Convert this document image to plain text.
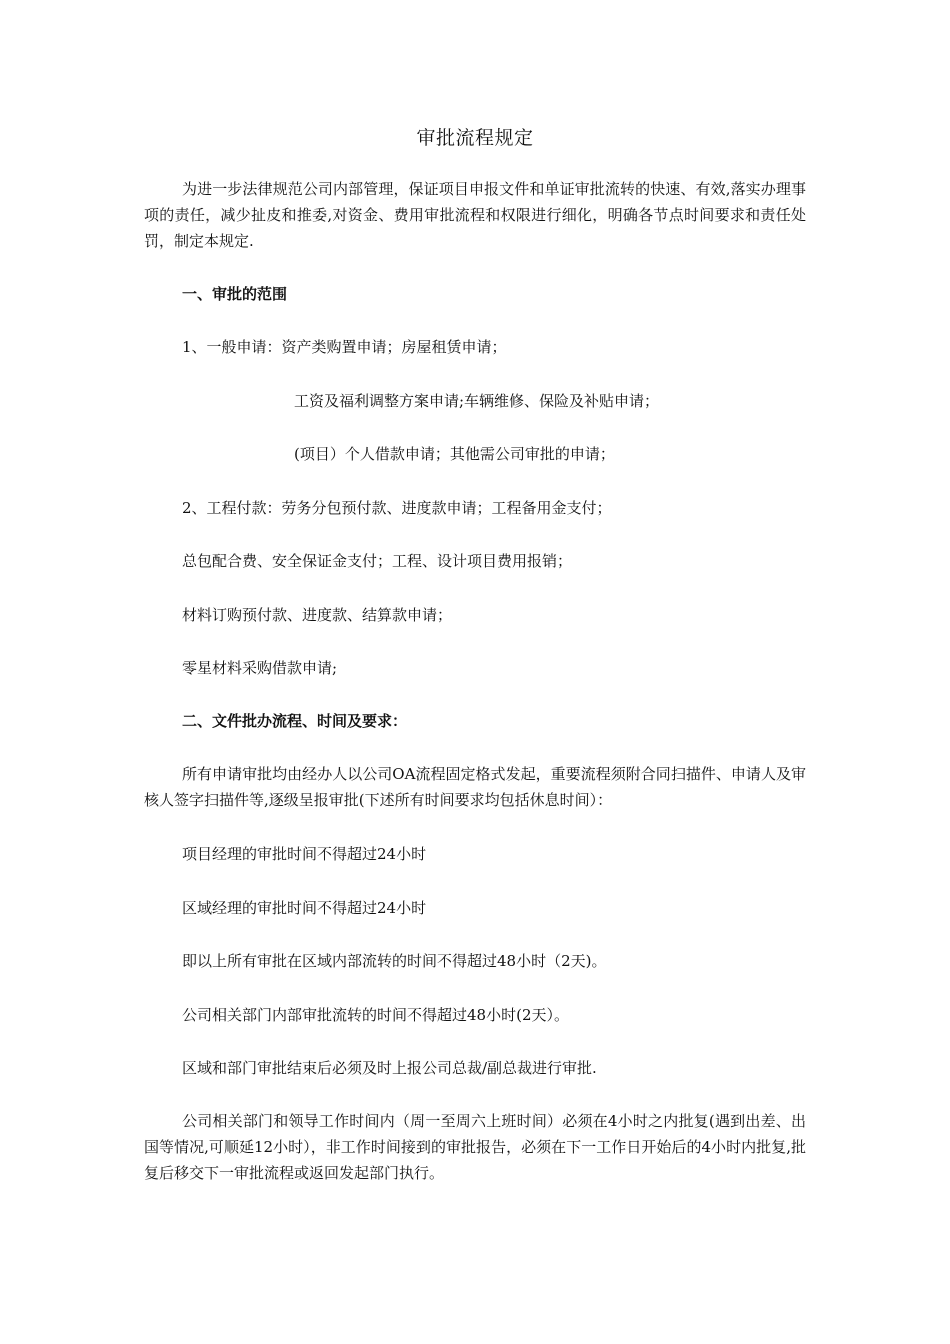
审批流程规定
为进一步法律规范公司内部管理，保证项目申报文件和单证审批流转的快速、有效,落实办理事项的责任，减少扯皮和推委,对资金、费用审批流程和权限进行细化，明确各节点时间要求和责任处罚，制定本规定.
一、审批的范围
1、一般申请：资产类购置申请；房屋租赁申请；
工资及福利调整方案申请;车辆维修、保险及补贴申请；
(项目）个人借款申请；其他需公司审批的申请；
2、工程付款：劳务分包预付款、进度款申请；工程备用金支付；
总包配合费、安全保证金支付；工程、设计项目费用报销；
材料订购预付款、进度款、结算款申请；
零星材料采购借款申请;
二、文件批办流程、时间及要求：
所有申请审批均由经办人以公司OA流程固定格式发起，重要流程须附合同扫描件、申请人及审核人签字扫描件等,逐级呈报审批(下述所有时间要求均包括休息时间）：
项目经理的审批时间不得超过24小时
区域经理的审批时间不得超过24小时
即以上所有审批在区域内部流转的时间不得超过48小时（2天)。
公司相关部门内部审批流转的时间不得超过48小时(2天）。
区域和部门审批结束后必须及时上报公司总裁/副总裁进行审批.
公司相关部门和领导工作时间内（周一至周六上班时间）必须在4小时之内批复(遇到出差、出国等情况,可顺延12小时），非工作时间接到的审批报告，必须在下一工作日开始后的4小时内批复,批复后移交下一审批流程或返回发起部门执行。
